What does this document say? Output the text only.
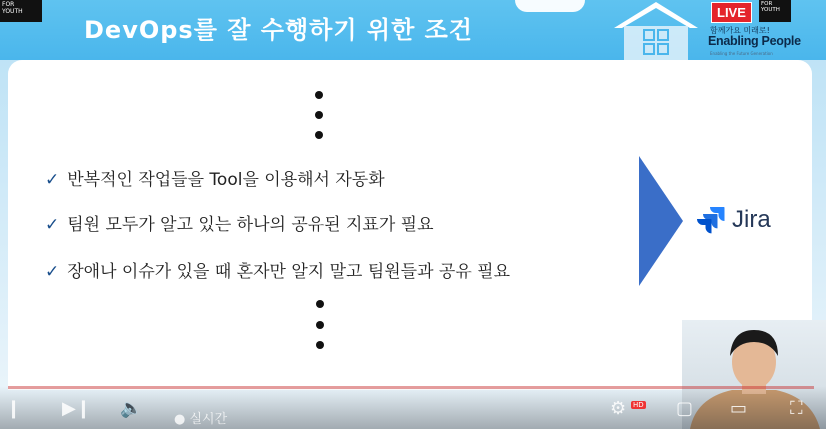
FOR
YOUTH
DevOps를 잘 수행하기 위한 조건
LIVE
FOR
YOUTH
함께가요 미래로!
Enabling People
Enabling the Future Generation
✓ 반복적인 작업들을 Tool을 이용해서 자동화
✓ 팀원 모두가 알고 있는 하나의 공유된 지표가 필요
✓ 장애나 이슈가 있을 때 혼자만 알지 말고 팀원들과 공유 필요
Jira
❙ ▶❙ 🔈
● 실시간
⚙ HD ▢ ▭ ⛶
